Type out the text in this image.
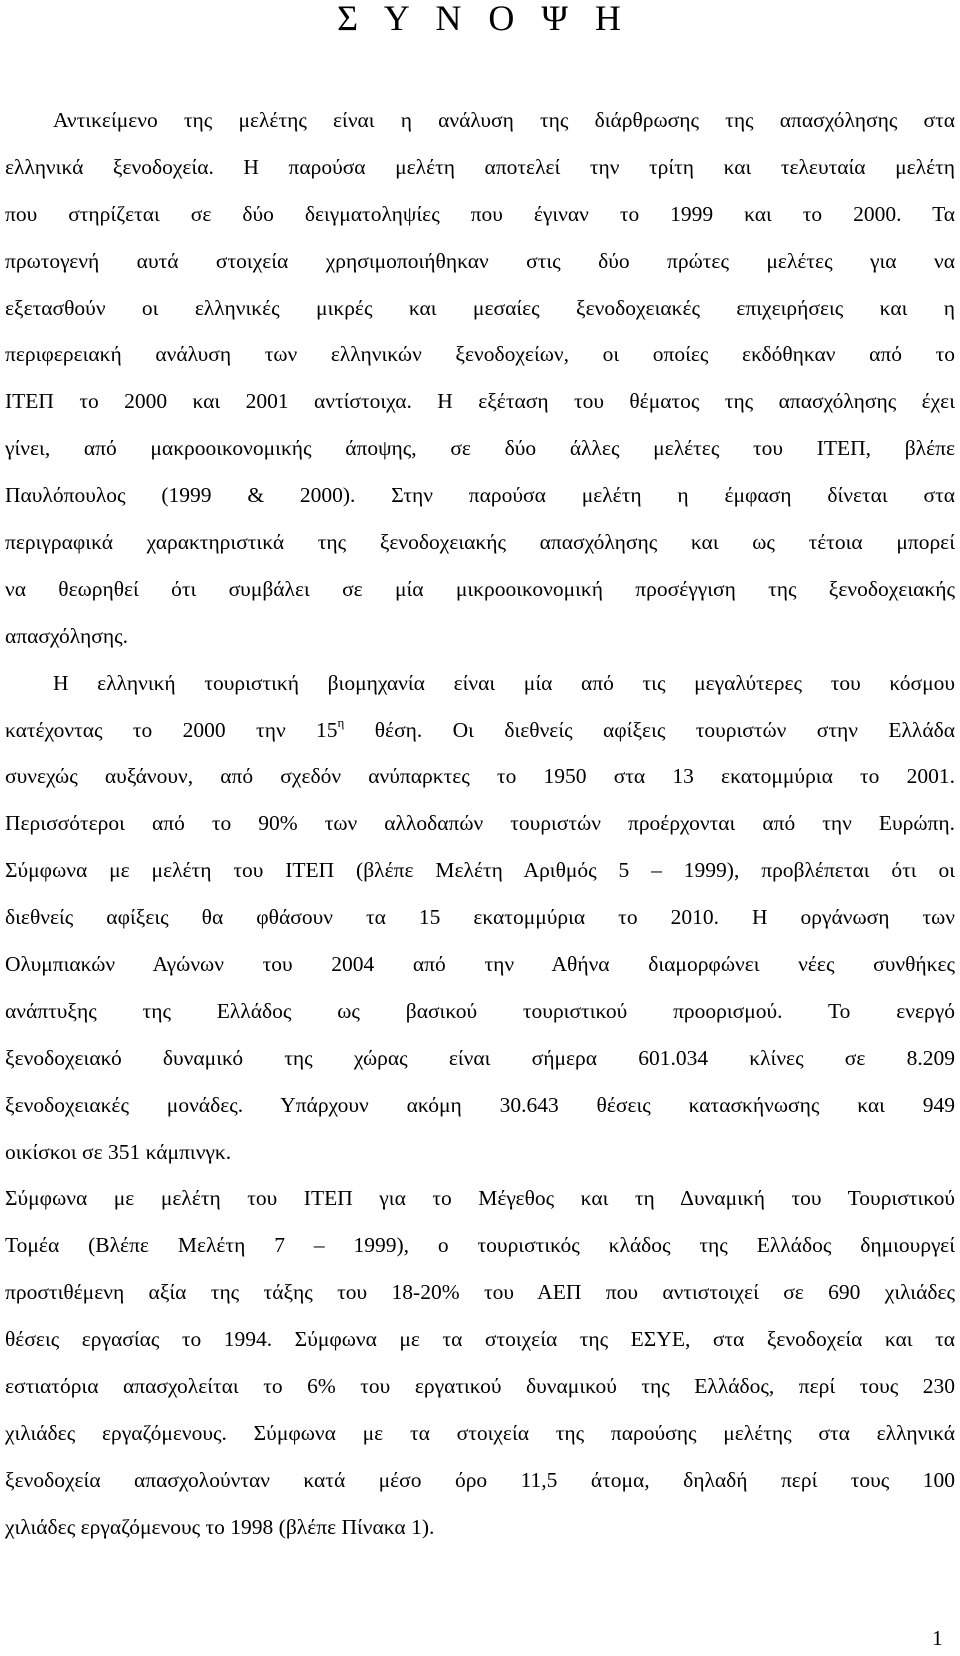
Σ Υ Ν Ο Ψ Η
Αντικείμενο της μελέτης είναι η ανάλυση της διάρθρωσης της απασχόλησης στα
ελληνικά ξενοδοχεία. Η παρούσα μελέτη αποτελεί την τρίτη και τελευταία μελέτη
που στηρίζεται σε δύο δειγματοληψίες που έγιναν το 1999 και το 2000. Τα
πρωτογενή αυτά στοιχεία χρησιμοποιήθηκαν στις δύο πρώτες μελέτες για να
εξετασθούν οι ελληνικές μικρές και μεσαίες ξενοδοχειακές επιχειρήσεις και η
περιφερειακή ανάλυση των ελληνικών ξενοδοχείων, οι οποίες εκδόθηκαν από το
ΙΤΕΠ το 2000 και 2001 αντίστοιχα. Η εξέταση του θέματος της απασχόλησης έχει
γίνει, από μακροοικονομικής άποψης, σε δύο άλλες μελέτες του ΙΤΕΠ, βλέπε
Παυλόπουλος (1999 & 2000). Στην παρούσα μελέτη η έμφαση δίνεται στα
περιγραφικά χαρακτηριστικά της ξενοδοχειακής απασχόλησης και ως τέτοια μπορεί
να θεωρηθεί ότι συμβάλει σε μία μικροοικονομική προσέγγιση της ξενοδοχειακής
απασχόλησης.
Η ελληνική τουριστική βιομηχανία είναι μία από τις μεγαλύτερες του κόσμου
κατέχοντας το 2000 την $15^\eta$ θέση. Οι διεθνείς αφίξεις τουριστών στην Ελλάδα
συνεχώς αυξάνουν, από σχεδόν ανύπαρκτες το 1950 στα 13 εκατομμύρια το 2001.
Περισσότεροι από το 90% των αλλοδαπών τουριστών προέρχονται από την Ευρώπη.
Σύμφωνα με μελέτη του ΙΤΕΠ (βλέπε Μελέτη Αριθμός 5 – 1999), προβλέπεται ότι οι
διεθνείς αφίξεις θα φθάσουν τα 15 εκατομμύρια το 2010. Η οργάνωση των
Ολυμπιακών Αγώνων του 2004 από την Αθήνα διαμορφώνει νέες συνθήκες
ανάπτυξης της Ελλάδος ως βασικού τουριστικού προορισμού. Το ενεργό
ξενοδοχειακό δυναμικό της χώρας είναι σήμερα 601.034 κλίνες σε 8.209
ξενοδοχειακές μονάδες. Υπάρχουν ακόμη 30.643 θέσεις κατασκήνωσης και 949
οικίσκοι σε 351 κάμπινγκ.
Σύμφωνα με μελέτη του ΙΤΕΠ για το Μέγεθος και τη Δυναμική του Τουριστικού
Τομέα (Βλέπε Μελέτη 7 – 1999), ο τουριστικός κλάδος της Ελλάδος δημιουργεί
προστιθέμενη αξία της τάξης του 18-20% του ΑΕΠ που αντιστοιχεί σε 690 χιλιάδες
θέσεις εργασίας το 1994. Σύμφωνα με τα στοιχεία της ΕΣΥΕ, στα ξενοδοχεία και τα
εστιατόρια απασχολείται το 6% του εργατικού δυναμικού της Ελλάδος, περί τους 230
χιλιάδες εργαζόμενους. Σύμφωνα με τα στοιχεία της παρούσης μελέτης στα ελληνικά
ξενοδοχεία απασχολούνταν κατά μέσο όρο 11,5 άτομα, δηλαδή περί τους 100
χιλιάδες εργαζόμενους το 1998 (βλέπε Πίνακα 1).
1
